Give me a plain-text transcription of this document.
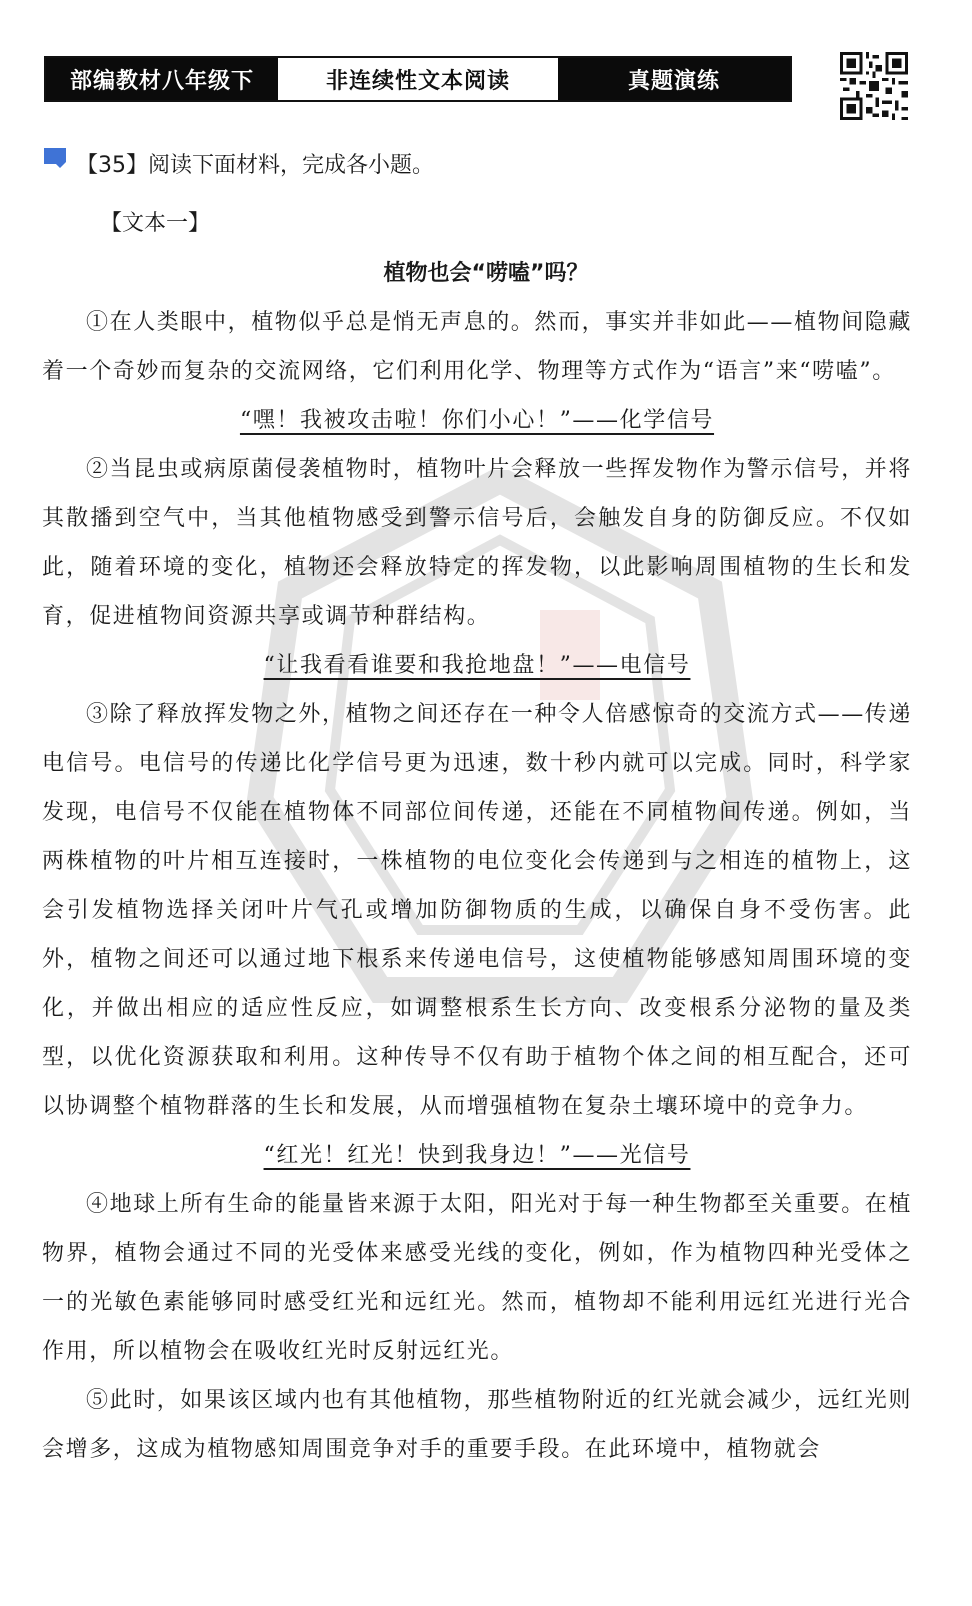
部编教材八年级下	非连续性文本阅读	真题演练
【35】阅读下面材料，完成各小题。
【文本一】
植物也会“唠嗑”吗？

①在人类眼中，植物似乎总是悄无声息的。然而，事实并非如此——植物间隐藏着一个奇妙而复杂的交流网络，它们利用化学、物理等方式作为“语言”来“唠嗑”。

“嘿！我被攻击啦！你们小心！”——化学信号

②当昆虫或病原菌侵袭植物时，植物叶片会释放一些挥发物作为警示信号，并将其散播到空气中，当其他植物感受到警示信号后，会触发自身的防御反应。不仅如此，随着环境的变化，植物还会释放特定的挥发物，以此影响周围植物的生长和发育，促进植物间资源共享或调节种群结构。

“让我看看谁要和我抢地盘！”——电信号

③除了释放挥发物之外，植物之间还存在一种令人倍感惊奇的交流方式——传递电信号。电信号的传递比化学信号更为迅速，数十秒内就可以完成。同时，科学家发现，电信号不仅能在植物体不同部位间传递，还能在不同植物间传递。例如，当两株植物的叶片相互连接时，一株植物的电位变化会传递到与之相连的植物上，这会引发植物选择关闭叶片气孔或增加防御物质的生成，以确保自身不受伤害。此外，植物之间还可以通过地下根系来传递电信号，这使植物能够感知周围环境的变化，并做出相应的适应性反应，如调整根系生长方向、改变根系分泌物的量及类型，以优化资源获取和利用。这种传导不仅有助于植物个体之间的相互配合，还可以协调整个植物群落的生长和发展，从而增强植物在复杂土壤环境中的竞争力。

“红光！红光！快到我身边！”——光信号

④地球上所有生命的能量皆来源于太阳，阳光对于每一种生物都至关重要。在植物界，植物会通过不同的光受体来感受光线的变化，例如，作为植物四种光受体之一的光敏色素能够同时感受红光和远红光。然而，植物却不能利用远红光进行光合作用，所以植物会在吸收红光时反射远红光。

⑤此时，如果该区域内也有其他植物，那些植物附近的红光就会减少，远红光则会增多，这成为植物感知周围竞争对手的重要手段。在此环境中，植物就会
